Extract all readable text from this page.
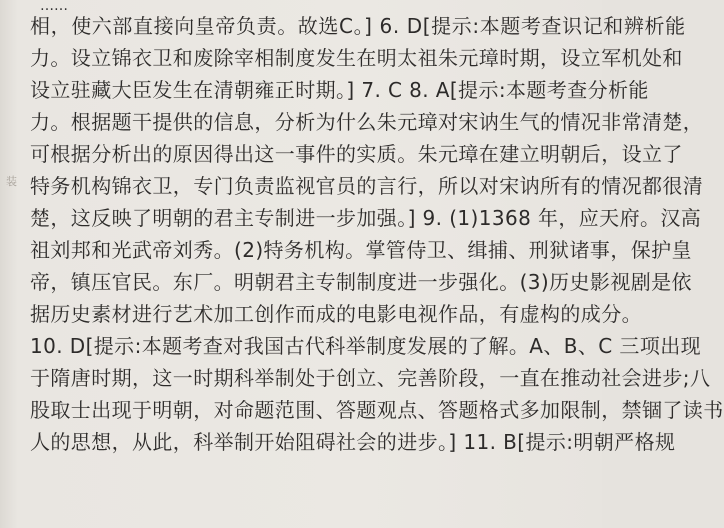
……
装
相，使六部直接向皇帝负责。故选C。] 6. D[提示:本题考查识记和辨析能
力。设立锦衣卫和废除宰相制度发生在明太祖朱元璋时期，设立军机处和
设立驻藏大臣发生在清朝雍正时期。] 7. C 8. A[提示:本题考查分析能
力。根据题干提供的信息，分析为什么朱元璋对宋讷生气的情况非常清楚，
可根据分析出的原因得出这一事件的实质。朱元璋在建立明朝后，设立了
特务机构锦衣卫，专门负责监视官员的言行，所以对宋讷所有的情况都很清
楚，这反映了明朝的君主专制进一步加强。] 9. (1)1368 年，应天府。汉高
祖刘邦和光武帝刘秀。(2)特务机构。掌管侍卫、缉捕、刑狱诸事，保护皇
帝，镇压官民。东厂。明朝君主专制制度进一步强化。(3)历史影视剧是依
据历史素材进行艺术加工创作而成的电影电视作品，有虚构的成分。
10. D[提示:本题考查对我国古代科举制度发展的了解。A、B、C 三项出现
于隋唐时期，这一时期科举制处于创立、完善阶段，一直在推动社会进步;八
股取士出现于明朝，对命题范围、答题观点、答题格式多加限制，禁锢了读书
人的思想，从此，科举制开始阻碍社会的进步。] 11. B[提示:明朝严格规
